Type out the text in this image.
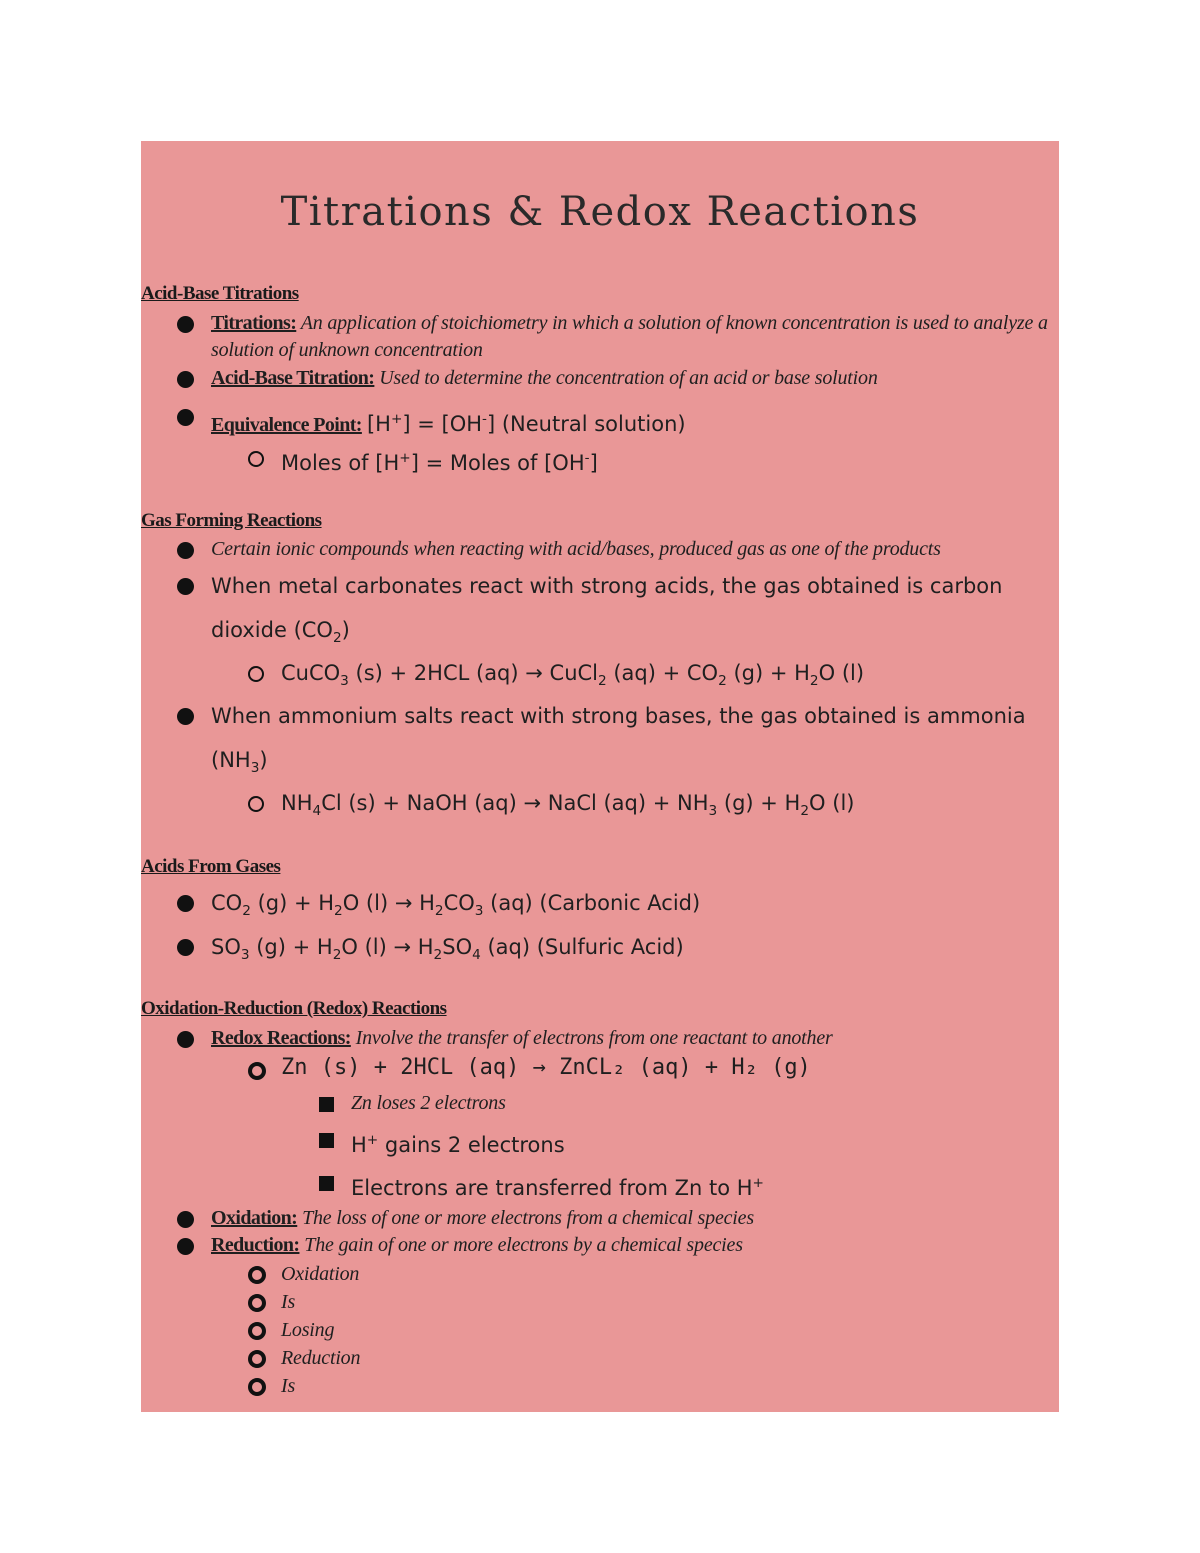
Titrations & Redox Reactions
Acid-Base Titrations
Titrations: An application of stoichiometry in which a solution of known concentration is used to analyze a solution of unknown concentration
Acid-Base Titration: Used to determine the concentration of an acid or base solution
Equivalence Point: [H+] = [OH-] (Neutral solution)
Moles of [H+] = Moles of [OH-]
Gas Forming Reactions
Certain ionic compounds when reacting with acid/bases, produced gas as one of the products
When metal carbonates react with strong acids, the gas obtained is carbon dioxide $(CO_2)$
CuCO$_3$ (s) + 2HCL (aq) → CuCl$_2$ $(aq) + CO_2$ $(g) + H_2O$ (l)
When ammonium salts react with strong bases, the gas obtained is ammonia $(NH_3)$
$NH_4Cl$ (s) + NaOH (aq) → NaCl $(aq) + NH_3$ $(g) + H_2O$ (l)
Acids From Gases
$CO_2$ $(g) + H_2O$ $(l) \to H_2CO_3$ (aq) (Carbonic Acid)
$SO_3$ $(g) + H_2O$ $(l) \to H_2SO_4$ (aq) (Sulfuric Acid)
Oxidation-Reduction (Redox) Reactions
Redox Reactions: Involve the transfer of electrons from one reactant to another
Zn (s) + 2HCL (aq) → ZnCL₂ (aq) + H₂ (g)
Zn loses 2 electrons
H+ gains 2 electrons
Electrons are transferred from Zn to H+
Oxidation: The loss of one or more electrons from a chemical species
Reduction: The gain of one or more electrons by a chemical species
Oxidation
Is
Losing
Reduction
Is
